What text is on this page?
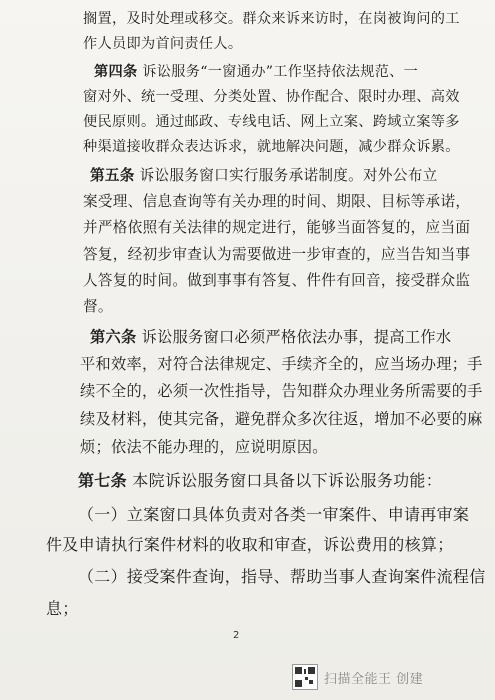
搁置，及时处理或移交。群众来诉来访时，在岗被询问的工
作人员即为首问责任人。
第四条 诉讼服务“一窗通办”工作坚持依法规范、一
窗对外、统一受理、分类处置、协作配合、限时办理、高效
便民原则。通过邮政、专线电话、网上立案、跨域立案等多
种渠道接收群众表达诉求，就地解决问题，减少群众诉累。
第五条 诉讼服务窗口实行服务承诺制度。对外公布立
案受理、信息查询等有关办理的时间、期限、目标等承诺，
并严格依照有关法律的规定进行，能够当面答复的，应当面
答复，经初步审查认为需要做进一步审查的，应当告知当事
人答复的时间。做到事事有答复、件件有回音，接受群众监
督。
第六条 诉讼服务窗口必须严格依法办事，提高工作水
平和效率，对符合法律规定、手续齐全的，应当场办理；手
续不全的，必须一次性指导，告知群众办理业务所需要的手
续及材料，使其完备，避免群众多次往返，增加不必要的麻
烦；依法不能办理的，应说明原因。
第七条 本院诉讼服务窗口具备以下诉讼服务功能：
（一）立案窗口具体负责对各类一审案件、申请再审案
件及申请执行案件材料的收取和审查，诉讼费用的核算；
（二）接受案件查询，指导、帮助当事人查询案件流程信
息；
2
扫描全能王 创建
